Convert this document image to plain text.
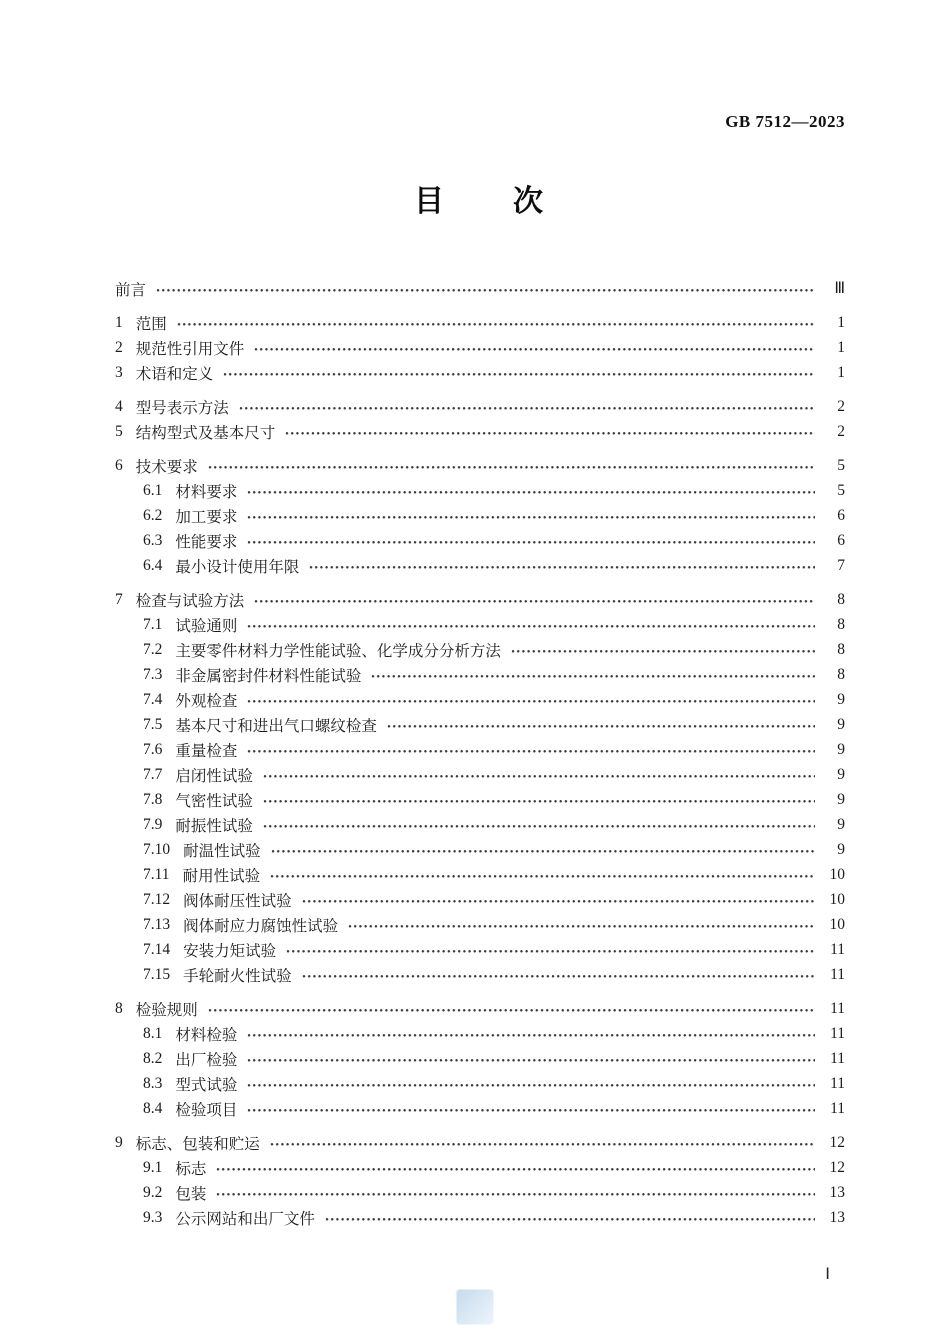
GB 7512—2023
目　　次
前言	Ⅲ
1 范围	1
2 规范性引用文件	1
3 术语和定义	1
4 型号表示方法	2
5 结构型式及基本尺寸	2
6 技术要求	5
6.1 材料要求	5
6.2 加工要求	6
6.3 性能要求	6
6.4 最小设计使用年限	7
7 检查与试验方法	8
7.1 试验通则	8
7.2 主要零件材料力学性能试验、化学成分分析方法	8
7.3 非金属密封件材料性能试验	8
7.4 外观检查	9
7.5 基本尺寸和进出气口螺纹检查	9
7.6 重量检查	9
7.7 启闭性试验	9
7.8 气密性试验	9
7.9 耐振性试验	9
7.10 耐温性试验	9
7.11 耐用性试验	10
7.12 阀体耐压性试验	10
7.13 阀体耐应力腐蚀性试验	10
7.14 安装力矩试验	11
7.15 手轮耐火性试验	11
8 检验规则	11
8.1 材料检验	11
8.2 出厂检验	11
8.3 型式试验	11
8.4 检验项目	11
9 标志、包装和贮运	12
9.1 标志	12
9.2 包装	13
9.3 公示网站和出厂文件	13
Ⅰ
